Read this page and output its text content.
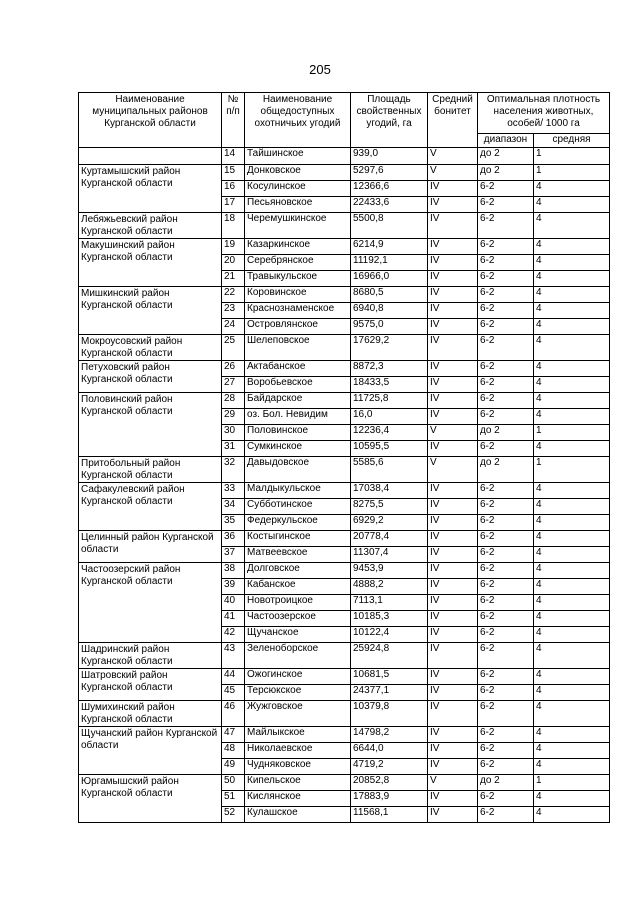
205
Наименование муниципальных районов Курганской области	№ п/п	Наименование общедоступных охотничьих угодий	Площадь свойственных угодий, га	Средний бонитет	Оптимальная плотность населения животных, особей/ 1000 га	
					диапазон	средняя
	14	Тайшинское	939,0	V	до 2	1
Куртамышский район Курганской области	15	Донковское	5297,6	V	до 2	1
	16	Косулинское	12366,6	IV	6-2	4
	17	Песьяновское	22433,6	IV	6-2	4
Лебяжьевский район Курганской области	18	Черемушкинское	5500,8	IV	6-2	4
Макушинский район Курганской области	19	Казаркинское	6214,9	IV	6-2	4
	20	Серебрянское	11192,1	IV	6-2	4
	21	Травыкульское	16966,0	IV	6-2	4
Мишкинский район Курганской области	22	Коровинское	8680,5	IV	6-2	4
	23	Краснознаменское	6940,8	IV	6-2	4
	24	Островлянское	9575,0	IV	6-2	4
Мокроусовский район Курганской области	25	Шелеповское	17629,2	IV	6-2	4
Петуховский район Курганской области	26	Актабанское	8872,3	IV	6-2	4
	27	Воробьевское	18433,5	IV	6-2	4
Половинский район Курганской области	28	Байдарское	11725,8	IV	6-2	4
	29	оз. Бол. Невидим	16,0	IV	6-2	4
	30	Половинское	12236,4	V	до 2	1
	31	Сумкинское	10595,5	IV	6-2	4
Притобольный район Курганской области	32	Давыдовское	5585,6	V	до 2	1
Сафакулевский район Курганской области	33	Малдыкульское	17038,4	IV	6-2	4
	34	Субботинское	8275,5	IV	6-2	4
	35	Федеркульское	6929,2	IV	6-2	4
Целинный район Курганской области	36	Костыгинское	20778,4	IV	6-2	4
	37	Матвеевское	11307,4	IV	6-2	4
Частоозерский район Курганской области	38	Долговское	9453,9	IV	6-2	4
	39	Кабанское	4888,2	IV	6-2	4
	40	Новотроицкое	7113,1	IV	6-2	4
	41	Частоозерское	10185,3	IV	6-2	4
	42	Щучанское	10122,4	IV	6-2	4
Шадринский район Курганской области	43	Зеленоборское	25924,8	IV	6-2	4
Шатровский район Курганской области	44	Ожогинское	10681,5	IV	6-2	4
	45	Терсюкское	24377,1	IV	6-2	4
Шумихинский район Курганской области	46	Жужговское	10379,8	IV	6-2	4
Щучанский район Курганской области	47	Майлыкское	14798,2	IV	6-2	4
	48	Николаевское	6644,0	IV	6-2	4
	49	Чудняковское	4719,2	IV	6-2	4
Юргамышский район Курганской области	50	Кипельское	20852,8	V	до 2	1
	51	Кислянское	17883,9	IV	6-2	4
	52	Кулашское	11568,1	IV	6-2	4
